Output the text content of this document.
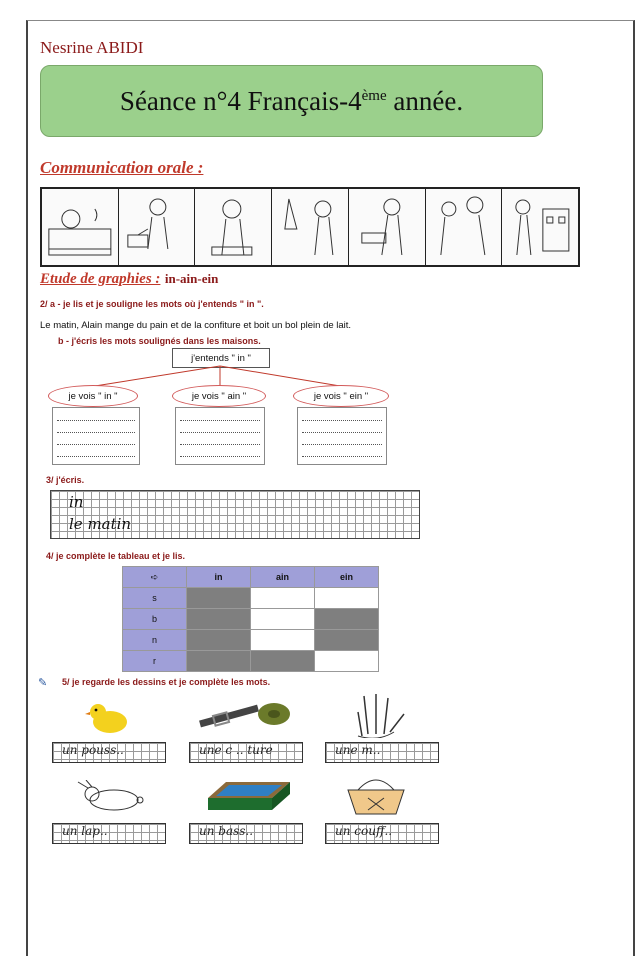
Nesrine ABIDI
Séance n°4 Français-4ème année.
Communication orale :
Etude de graphies : in-ain-ein
2/ a - je lis et je souligne les mots où j'entends " in ".
Le matin, Alain mange du pain et de la confiture et boit un bol plein de lait.
b - j'écris les mots soulignés dans les maisons.
j'entends " in "
je vois " in "	je vois " ain "	je vois " ein "
3/ j'écris.
in
le matin
4/ je complète le tableau et je lis.
➪	in	ain	ein
s			
b			
n			
r			
✎ 5/ je regarde les dessins et je complète les mots.
un pouss..	une c .. ture	une m..
un lap..	un bass..	un couff..
